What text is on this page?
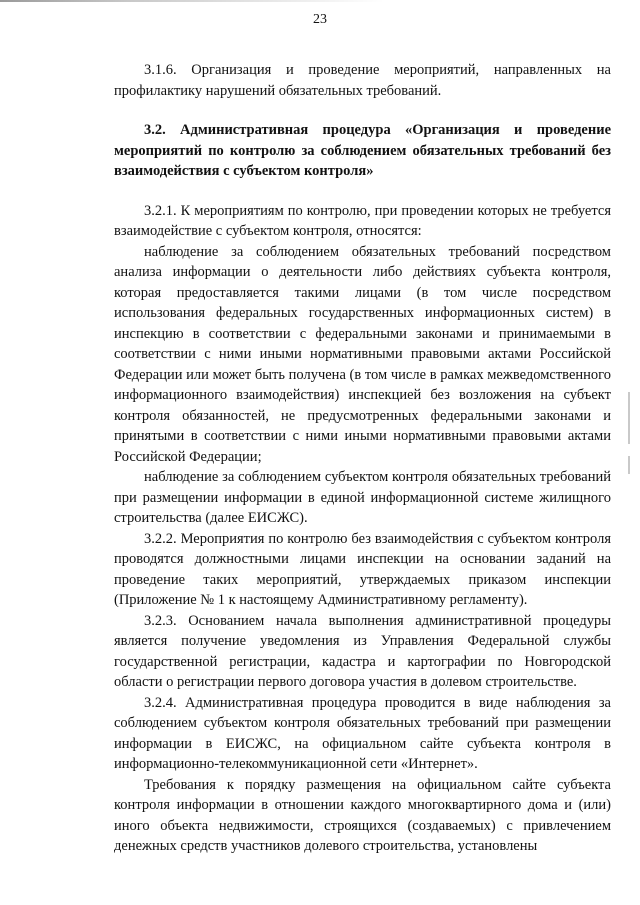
23

3.1.6. Организация и проведение мероприятий, направленных на профилактику нарушений обязательных требований.

3.2. Административная процедура «Организация и проведение мероприятий по контролю за соблюдением обязательных требований без взаимодействия с субъектом контроля»

3.2.1. К мероприятиям по контролю, при проведении которых не требуется взаимодействие с субъектом контроля, относятся:

наблюдение за соблюдением обязательных требований посредством анализа информации о деятельности либо действиях субъекта контроля, которая предоставляется такими лицами (в том числе посредством использования федеральных государственных информационных систем) в инспекцию в соответствии с федеральными законами и принимаемыми в соответствии с ними иными нормативными правовыми актами Российской Федерации или может быть получена (в том числе в рамках межведомственного информационного взаимодействия) инспекцией без возложения на субъект контроля обязанностей, не предусмотренных федеральными законами и принятыми в соответствии с ними иными нормативными правовыми актами Российской Федерации;

наблюдение за соблюдением субъектом контроля обязательных требований при размещении информации в единой информационной системе жилищного строительства (далее ЕИСЖС).

3.2.2. Мероприятия по контролю без взаимодействия с субъектом контроля проводятся должностными лицами инспекции на основании заданий на проведение таких мероприятий, утверждаемых приказом инспекции (Приложение № 1 к настоящему Административному регламенту).

3.2.3. Основанием начала выполнения административной процедуры является получение уведомления из Управления Федеральной службы государственной регистрации, кадастра и картографии по Новгородской области о регистрации первого договора участия в долевом строительстве.

3.2.4. Административная процедура проводится в виде наблюдения за соблюдением субъектом контроля обязательных требований при размещении информации в ЕИСЖС, на официальном сайте субъекта контроля в информационно-телекоммуникационной сети «Интернет».

Требования к порядку размещения на официальном сайте субъекта контроля информации в отношении каждого многоквартирного дома и (или) иного объекта недвижимости, строящихся (создаваемых) с привлечением денежных средств участников долевого строительства, установлены
